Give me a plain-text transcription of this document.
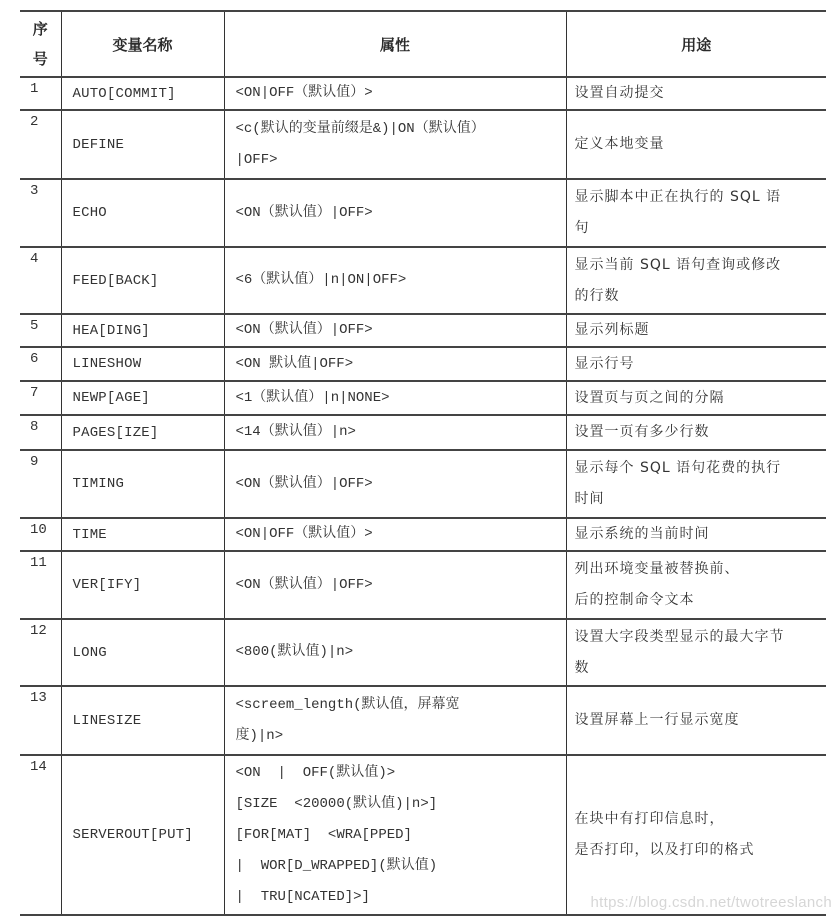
序
号	变量名称	属性	用途
1	AUTO[COMMIT]	<ON|OFF（默认值）>	设置自动提交

2	DEFINE	<c(默认的变量前缀是&)|ON（默认值）
|OFF>	定义本地变量

3	ECHO	<ON（默认值）|OFF>	显示脚本中正在执行的 SQL 语
句

4	FEED[BACK]	<6（默认值）|n|ON|OFF>	显示当前 SQL 语句查询或修改
的行数

5	HEA[DING]	<ON（默认值）|OFF>	显示列标题

6	LINESHOW	<ON 默认值|OFF>	显示行号

7	NEWP[AGE]	<1（默认值）|n|NONE>	设置页与页之间的分隔

8	PAGES[IZE]	<14（默认值）|n>	设置一页有多少行数

9	TIMING	<ON（默认值）|OFF>	显示每个 SQL 语句花费的执行
时间

10	TIME	<ON|OFF（默认值）>	显示系统的当前时间

11	VER[IFY]	<ON（默认值）|OFF>	列出环境变量被替换前、
后的控制命令文本

12	LONG	<800(默认值)|n>	设置大字段类型显示的最大字节
数

13	LINESIZE	<screem_length(默认值，屏幕宽
度)|n>	设置屏幕上一行显示宽度

14	SERVEROUT[PUT]	<ON  |  OFF(默认值)>
[SIZE  <20000(默认值)|n>]
[FOR[MAT]  <WRA[PPED]
|  WOR[D_WRAPPED](默认值)
|  TRU[NCATED]>]	在块中有打印信息时，
是否打印，以及打印的格式
https://blog.csdn.net/twotreeslanch
